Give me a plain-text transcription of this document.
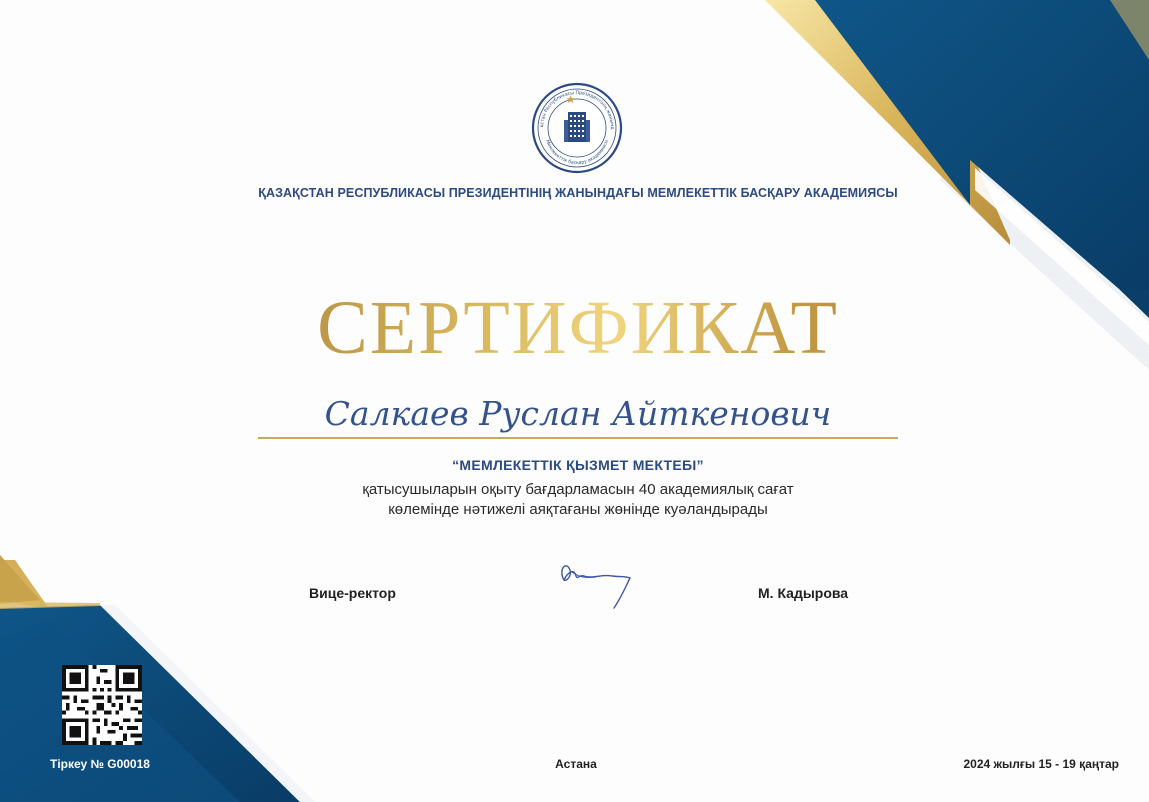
қстан Республикасы Президентінің жанынд
Мемлекеттік басқару академиясы
ҚАЗАҚСТАН РЕСПУБЛИКАСЫ ПРЕЗИДЕНТІНІҢ ЖАНЫНДАҒЫ МЕМЛЕКЕТТІК БАСҚАРУ АКАДЕМИЯСЫ
СЕРТИФИКАТ
Салкаев Руслан Айткенович
“МЕМЛЕКЕТТІК ҚЫЗМЕТ МЕКТЕБІ”
қатысушыларын оқыту бағдарламасын 40 академиялық сағат
көлемінде нәтижелі аяқтағаны жөнінде куәландырады
Вице-ректор	М. Кадырова
Тіркеу № G00018	Астана	2024 жылғы 15 - 19 қаңтар
